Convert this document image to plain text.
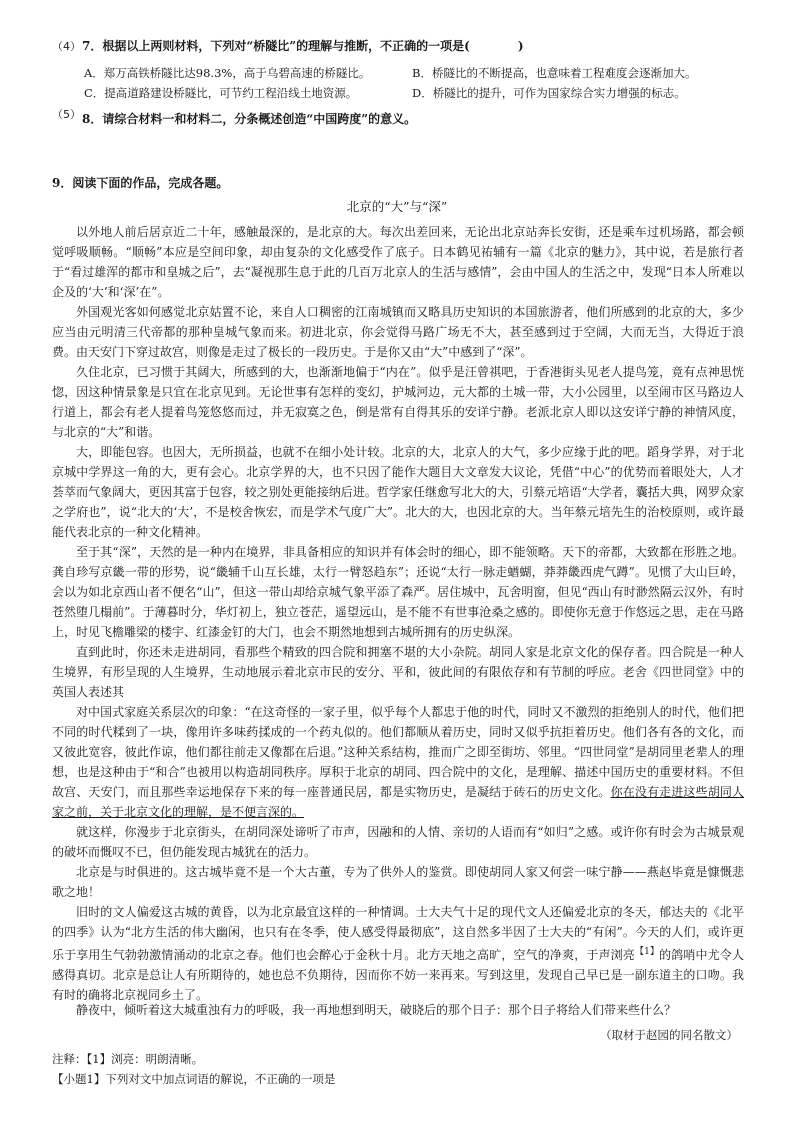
（4） 7．根据以上两则材料，下列对“桥隧比”的理解与推断，不正确的一项是(　　　　)
A．郑万高铁桥隧比达98.3%，高于乌碧高速的桥隧比。	B．桥隧比的不断提高，也意味着工程难度会逐渐加大。
C．提高道路建设桥隧比，可节约工程沿线土地资源。	D．桥隧比的提升，可作为国家综合实力增强的标志。
（5） 8．请综合材料一和材料二，分条概述创造“中国跨度”的意义。
9．阅读下面的作品，完成各题。
北京的“大”与“深”
以外地人前后居京近二十年，感触最深的，是北京的大。每次出差回来，无论出北京站奔长安街，还是乘车过机场路，都会顿觉呼吸顺畅。“顺畅”本应是空间印象，却由复杂的文化感受作了底子。日本鹤见祐辅有一篇《北京的魅力》，其中说，若是旅行者于“看过雄浑的都市和皇城之后”，去“凝视那生息于此的几百万北京人的生活与感情”，会由中国人的生活之中，发现“日本人所难以企及的‘大’和‘深’在”。
外国观光客如何感觉北京姑置不论，来自人口稠密的江南城镇而又略具历史知识的本国旅游者，他们所感到的北京的大，多少应当由元明清三代帝都的那种皇城气象而来。初进北京，你会觉得马路广场无不大，甚至感到过于空阔，大而无当，大得近于浪费。由天安门下穿过故宫，则像是走过了极长的一段历史。于是你又由“大”中感到了“深”。
久住北京，已习惯于其阔大，所感到的大，也渐渐地偏于“内在”。似乎是汪曾祺吧，于香港街头见老人提鸟笼，竟有点神思恍惚，因这种情景象是只宜在北京见到。无论世事有怎样的变幻，护城河边，元大都的土城一带，大小公园里，以至闹市区马路边人行道上，都会有老人提着鸟笼悠悠而过，并无寂寞之色，倒是常有自得其乐的安详宁静。老派北京人即以这安详宁静的神情风度，与北京的“大”和谐。
大，即能包容。也因大，无所损益，也就不在细小处计较。北京的大，北京人的大气，多少应缘于此的吧。蹈身学界，对于北京城中学界这一角的大，更有会心。北京学界的大，也不只因了能作大题目大文章发大议论，凭借“中心”的优势而着眼处大，人才荟萃而气象阔大，更因其富于包容，较之别处更能接纳后进。哲学家任继愈写北大的大，引蔡元培语“大学者，囊括大典，网罗众家之学府也”，说“北大的‘大’，不是校舍恢宏，而是学术气度广大”。北大的大，也因北京的大。当年蔡元培先生的治校原则，或许最能代表北京的一种文化精神。
至于其“深”，天然的是一种内在境界，非具备相应的知识并有体会时的细心，即不能领略。天下的帝都，大致都在形胜之地。龚自珍写京畿一带的形势，说“畿辅千山互长雄，太行一臂怒趋东”；还说“太行一脉走蝤蝴，莽莽畿西虎气蹲”。见惯了大山巨岭，会以为如北京西山者不便名“山”，但这一带山却给京城气象平添了森严。居住城中，瓦舍明窗，但见“西山有时渺然隔云汉外，有时苍然堕几榻前”。于薄暮时分，华灯初上，独立苍茫，遥望远山，是不能不有世事沧桑之感的。即使你无意于作悠远之思，走在马路上，时见飞檐雕梁的楼宇、红漆金钉的大门，也会不期然地想到古城所拥有的历史纵深。
直到此时，你还未走进胡同，看那些个精致的四合院和拥塞不堪的大小杂院。胡同人家是北京文化的保存者。四合院是一种人生境界，有形呈现的人生境界，生动地展示着北京市民的安分、平和，彼此间的有限依存和有节制的呼应。老舍《四世同堂》中的英国人表述其
对中国式家庭关系层次的印象：“在这奇怪的一家子里，似乎每个人都忠于他的时代，同时又不激烈的拒绝别人的时代，他们把不同的时代糅到了一块，像用许多味药揉成的一个药丸似的。他们都顺从着历史，同时又似乎抗拒着历史。他们各有各的文化，而又彼此宽容，彼此作谅，他们都往前走又像都在后退。”这种关系结构，推而广之即至街坊、邻里。“四世同堂”是胡同里老辈人的理想，也是这种由于“和合”也被用以构造胡同秩序。厚积于北京的胡同、四合院中的文化，是理解、描述中国历史的重要材料。不但故宫、天安门，而且那些幸运地保存下来的每一座普通民居，都是实物历史，是凝结于砖石的历史文化。你在没有走进这些胡同人家之前，关于北京文化的理解，是不便言深的。
就这样，你漫步于北京街头，在胡同深处谛听了市声，因融和的人情、亲切的人语而有“如归”之感。或许你有时会为古城景观的破坏而慨叹不已，但仍能发现古城犹在的活力。
北京是与时俱进的。这古城毕竟不是一个大古董，专为了供外人的鉴赏。即使胡同人家又何尝一味宁静——燕赵毕竟是慷慨悲歌之地！
旧时的文人偏爱这古城的黄昏，以为北京最宜这样的一种情调。士大夫气十足的现代文人还偏爱北京的冬天，郁达夫的《北平的四季》认为“北方生活的伟大幽闲，也只有在冬季，使人感受得最彻底”，这自然多半因了士大夫的“有闲”。今天的人们，或许更乐于享用生气勃勃激情涌动的北京之春。他们也会醉心于金秋十月。北方天地之高旷，空气的净爽，于声浏亮$^{【1】}$的鸽哨中尤令人感得真切。北京是总让人有所期待的，她也总不负期待，因而你不妨一来再来。写到这里，发现自己早已是一副东道主的口吻。我有时的确将北京视同乡土了。
静夜中，倾听着这大城重浊有力的呼吸，我一再地想到明天，破晓后的那个日子：那个日子将给人们带来些什么？
（取材于赵园的同名散文）
注释：【1】浏亮：明朗清晰。
【小题1】下列对文中加点词语的解说，不正确的一项是
